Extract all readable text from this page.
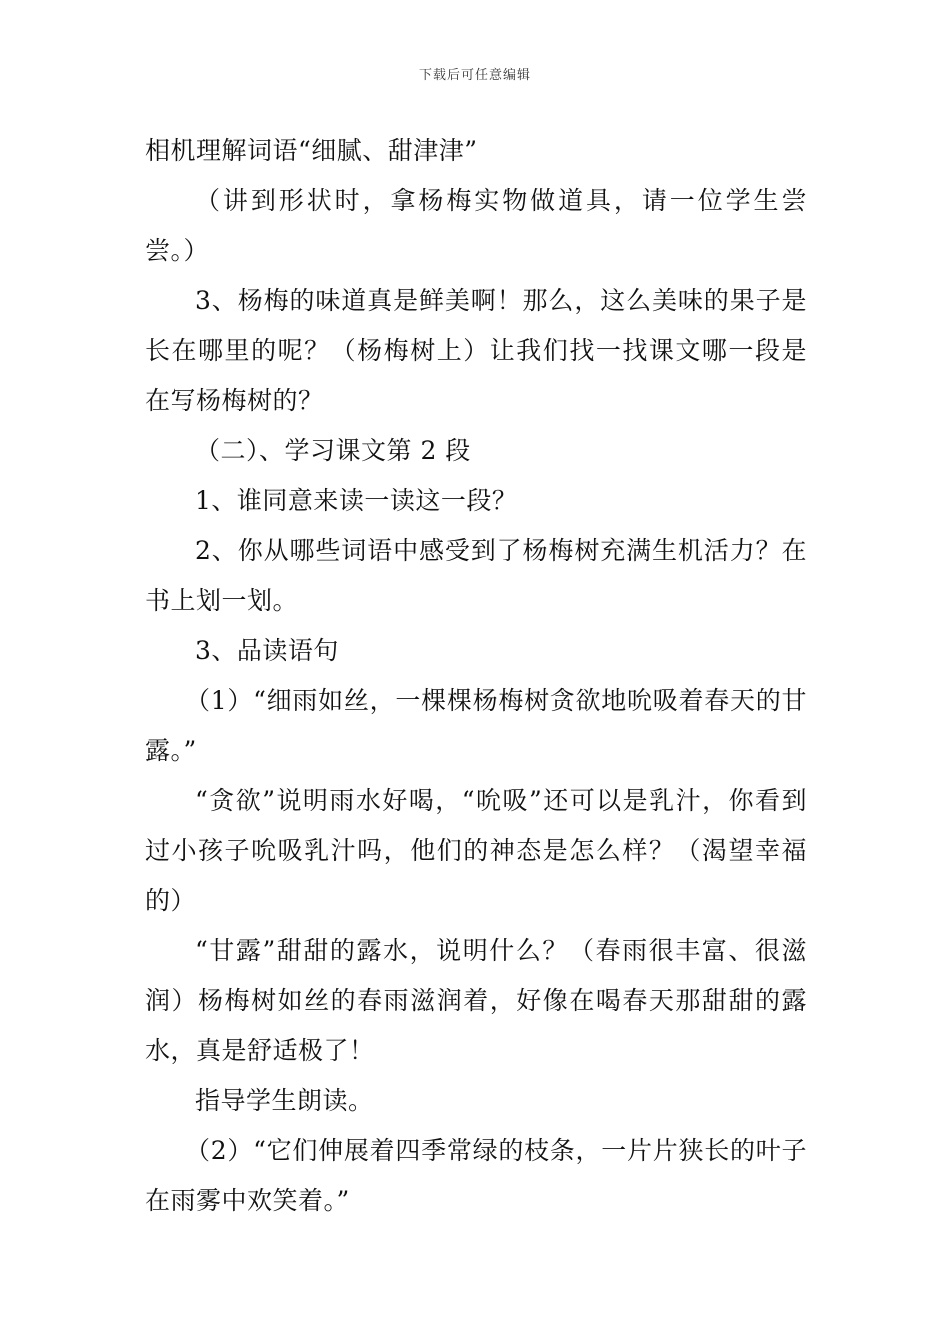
下载后可任意编辑

相机理解词语“细腻、甜津津”

（讲到形状时，拿杨梅实物做道具，请一位学生尝尝。）

3、杨梅的味道真是鲜美啊！那么，这么美味的果子是长在哪里的呢？（杨梅树上）让我们找一找课文哪一段是在写杨梅树的？

（二）、学习课文第 2 段

1、谁同意来读一读这一段？

2、你从哪些词语中感受到了杨梅树充满生机活力？在书上划一划。

3、品读语句

（1）“细雨如丝，一棵棵杨梅树贪欲地吮吸着春天的甘露。”

“贪欲”说明雨水好喝，“吮吸”还可以是乳汁，你看到过小孩子吮吸乳汁吗，他们的神态是怎么样？（渴望幸福的）

“甘露”甜甜的露水，说明什么？（春雨很丰富、很滋润）杨梅树如丝的春雨滋润着，好像在喝春天那甜甜的露水，真是舒适极了！

指导学生朗读。

（2）“它们伸展着四季常绿的枝条，一片片狭长的叶子在雨雾中欢笑着。”
